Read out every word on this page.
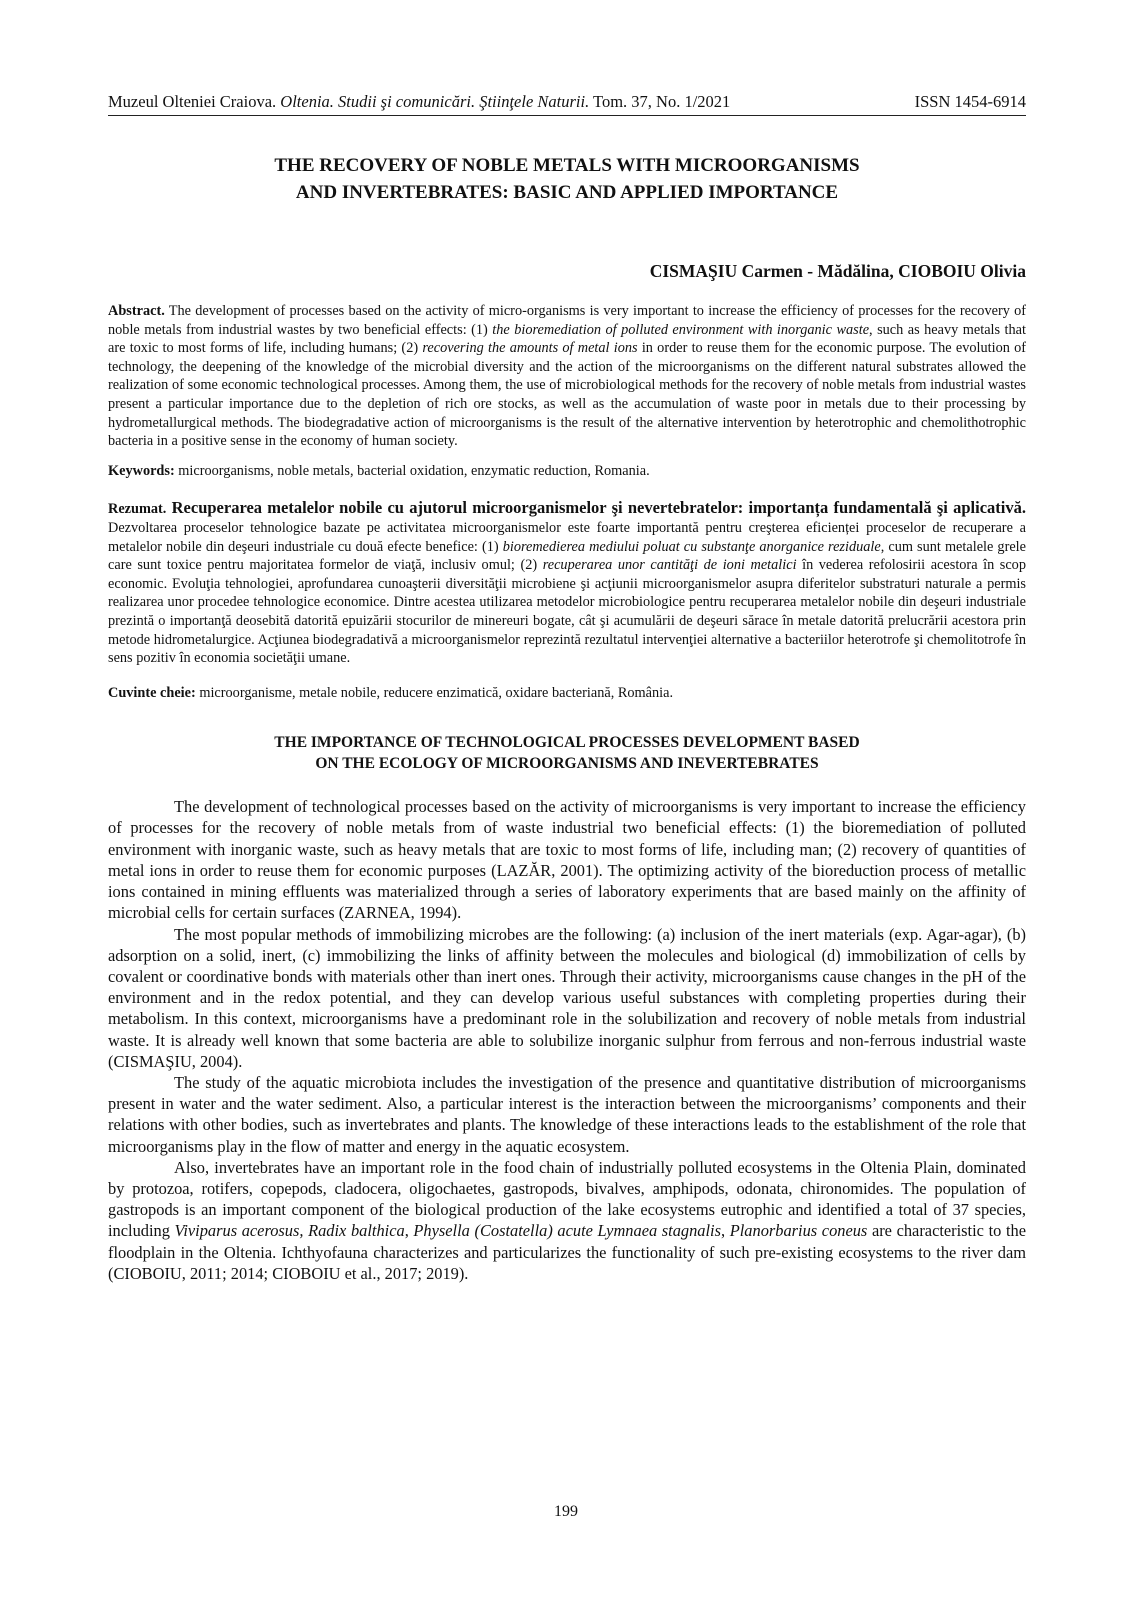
Muzeul Olteniei Craiova. Oltenia. Studii şi comunicări. Ştiinţele Naturii. Tom. 37, No. 1/2021	ISSN 1454-6914
THE RECOVERY OF NOBLE METALS WITH MICROORGANISMS
AND INVERTEBRATES: BASIC AND APPLIED IMPORTANCE
CISMAŞIU Carmen - Mădălina, CIOBOIU Olivia
Abstract. The development of processes based on the activity of micro-organisms is very important to increase the efficiency of processes for the recovery of noble metals from industrial wastes by two beneficial effects: (1) the bioremediation of polluted environment with inorganic waste, such as heavy metals that are toxic to most forms of life, including humans; (2) recovering the amounts of metal ions in order to reuse them for the economic purpose. The evolution of technology, the deepening of the knowledge of the microbial diversity and the action of the microorganisms on the different natural substrates allowed the realization of some economic technological processes. Among them, the use of microbiological methods for the recovery of noble metals from industrial wastes present a particular importance due to the depletion of rich ore stocks, as well as the accumulation of waste poor in metals due to their processing by hydrometallurgical methods. The biodegradative action of microorganisms is the result of the alternative intervention by heterotrophic and chemolithotrophic bacteria in a positive sense in the economy of human society.
Keywords: microorganisms, noble metals, bacterial oxidation, enzymatic reduction, Romania.
Rezumat. Recuperarea metalelor nobile cu ajutorul microorganismelor şi nevertebratelor: importanța fundamentală şi aplicativă. Dezvoltarea proceselor tehnologice bazate pe activitatea microorganismelor este foarte importantă pentru creşterea eficienței proceselor de recuperare a metalelor nobile din deşeuri industriale cu două efecte benefice: (1) bioremedierea mediului poluat cu substanţe anorganice reziduale, cum sunt metalele grele care sunt toxice pentru majoritatea formelor de viaţă, inclusiv omul; (2) recuperarea unor cantităţi de ioni metalici în vederea refolosirii acestora în scop economic. Evoluţia tehnologiei, aprofundarea cunoaşterii diversităţii microbiene şi acţiunii microorganismelor asupra diferitelor substraturi naturale a permis realizarea unor procedee tehnologice economice. Dintre acestea utilizarea metodelor microbiologice pentru recuperarea metalelor nobile din deşeuri industriale prezintă o importanţă deosebită datorită epuizării stocurilor de minereuri bogate, cât şi acumulării de deşeuri sărace în metale datorită prelucrării acestora prin metode hidrometalurgice. Acţiunea biodegradativă a microorganismelor reprezintă rezultatul intervenţiei alternative a bacteriilor heterotrofe şi chemolitotrofe în sens pozitiv în economia societăţii umane.
Cuvinte cheie: microorganisme, metale nobile, reducere enzimatică, oxidare bacteriană, România.
THE IMPORTANCE OF TECHNOLOGICAL PROCESSES DEVELOPMENT BASED
ON THE ECOLOGY OF MICROORGANISMS AND INEVERTEBRATES

The development of technological processes based on the activity of microorganisms is very important to increase the efficiency of processes for the recovery of noble metals from of waste industrial two beneficial effects: (1) the bioremediation of polluted environment with inorganic waste, such as heavy metals that are toxic to most forms of life, including man; (2) recovery of quantities of metal ions in order to reuse them for economic purposes (LAZĂR, 2001). The optimizing activity of the bioreduction process of metallic ions contained in mining effluents was materialized through a series of laboratory experiments that are based mainly on the affinity of microbial cells for certain surfaces (ZARNEA, 1994).

The most popular methods of immobilizing microbes are the following: (a) inclusion of the inert materials (exp. Agar-agar), (b) adsorption on a solid, inert, (c) immobilizing the links of affinity between the molecules and biological (d) immobilization of cells by covalent or coordinative bonds with materials other than inert ones. Through their activity, microorganisms cause changes in the pH of the environment and in the redox potential, and they can develop various useful substances with completing properties during their metabolism. In this context, microorganisms have a predominant role in the solubilization and recovery of noble metals from industrial waste. It is already well known that some bacteria are able to solubilize inorganic sulphur from ferrous and non-ferrous industrial waste (CISMAŞIU, 2004).

The study of the aquatic microbiota includes the investigation of the presence and quantitative distribution of microorganisms present in water and the water sediment. Also, a particular interest is the interaction between the microorganisms’ components and their relations with other bodies, such as invertebrates and plants. The knowledge of these interactions leads to the establishment of the role that microorganisms play in the flow of matter and energy in the aquatic ecosystem.

Also, invertebrates have an important role in the food chain of industrially polluted ecosystems in the Oltenia Plain, dominated by protozoa, rotifers, copepods, cladocera, oligochaetes, gastropods, bivalves, amphipods, odonata, chironomides. The population of gastropods is an important component of the biological production of the lake ecosystems eutrophic and identified a total of 37 species, including Viviparus acerosus, Radix balthica, Physella (Costatella) acute Lymnaea stagnalis, Planorbarius coneus are characteristic to the floodplain in the Oltenia. Ichthyofauna characterizes and particularizes the functionality of such pre-existing ecosystems to the river dam (CIOBOIU, 2011; 2014; CIOBOIU et al., 2017; 2019).

199
